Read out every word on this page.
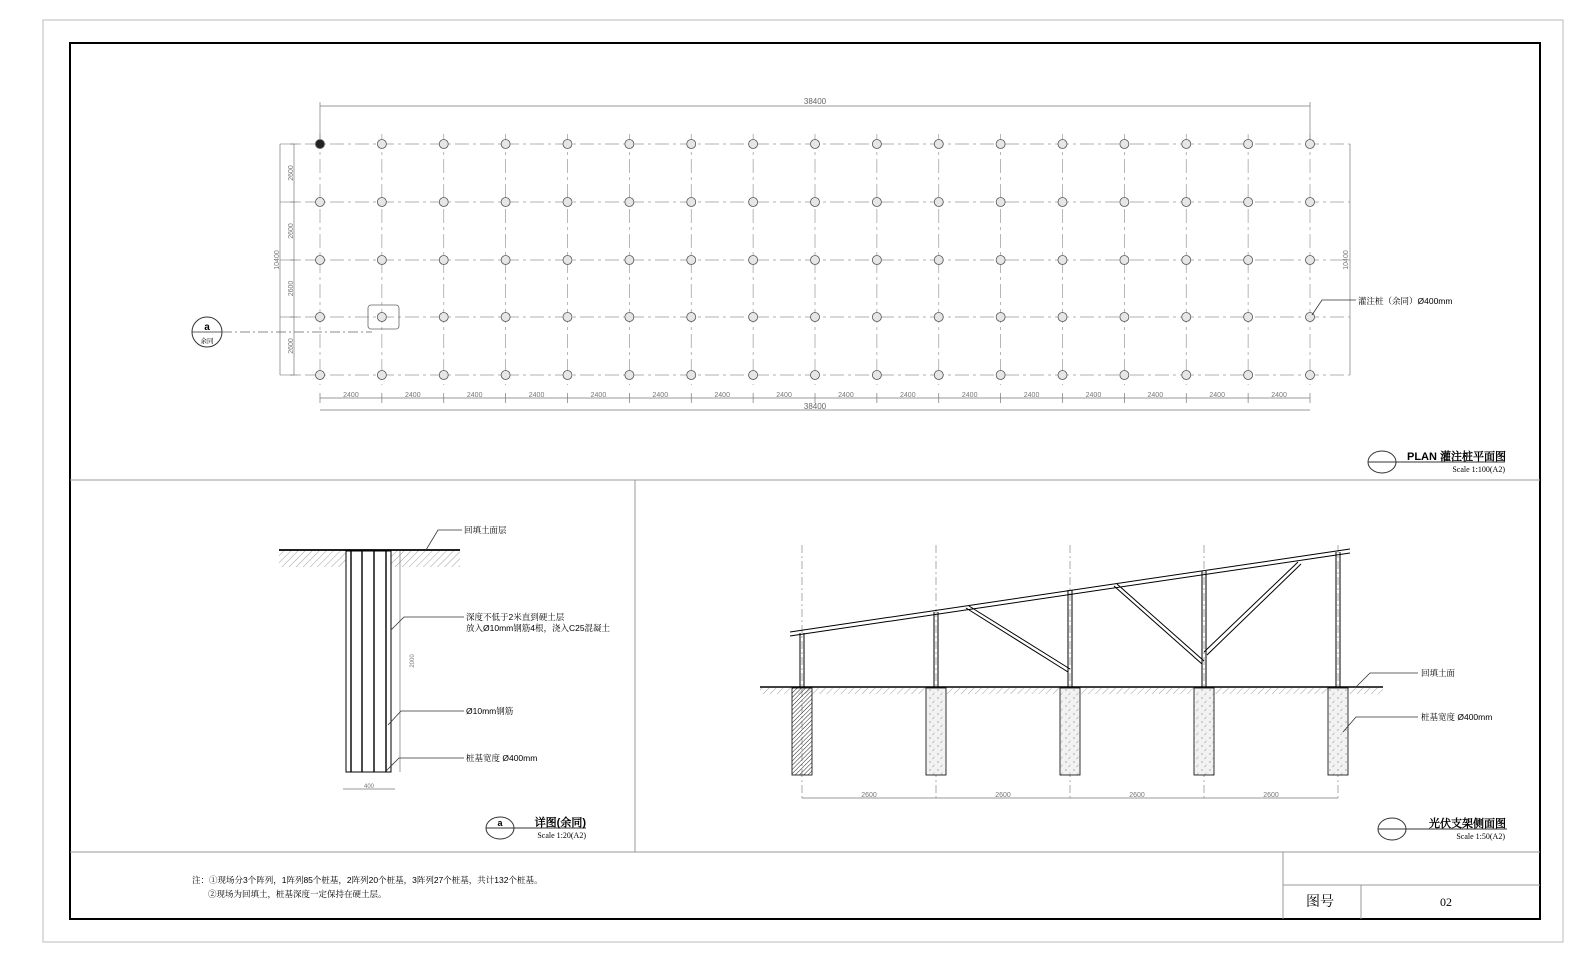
38400
2400	2400	2400	2400	2400	2400	2400	2400	2400	2400	2400	2400	2400	2400	2400	2400
38400
2600
2600
2600
2600
10400	10400
灌注桩（余同）Ø400mm
a
余同
PLAN 灌注桩平面图
Scale 1:100(A2)
2000
400
回填土面层
深度不低于2米直到硬土层
放入Ø10mm钢筋4根，浇入C25混凝土
Ø10mm钢筋
桩基宽度 Ø400mm
a	详图(余同)
Scale 1:20(A2)
2600	2600	2600	2600
回填土面
桩基宽度 Ø400mm
光伏支架侧面图
Scale 1:50(A2)
注：①现场分3个阵列，1阵列85个桩基，2阵列20个桩基，3阵列27个桩基，共计132个桩基。
②现场为回填土，桩基深度一定保持在硬土层。
图号	02
